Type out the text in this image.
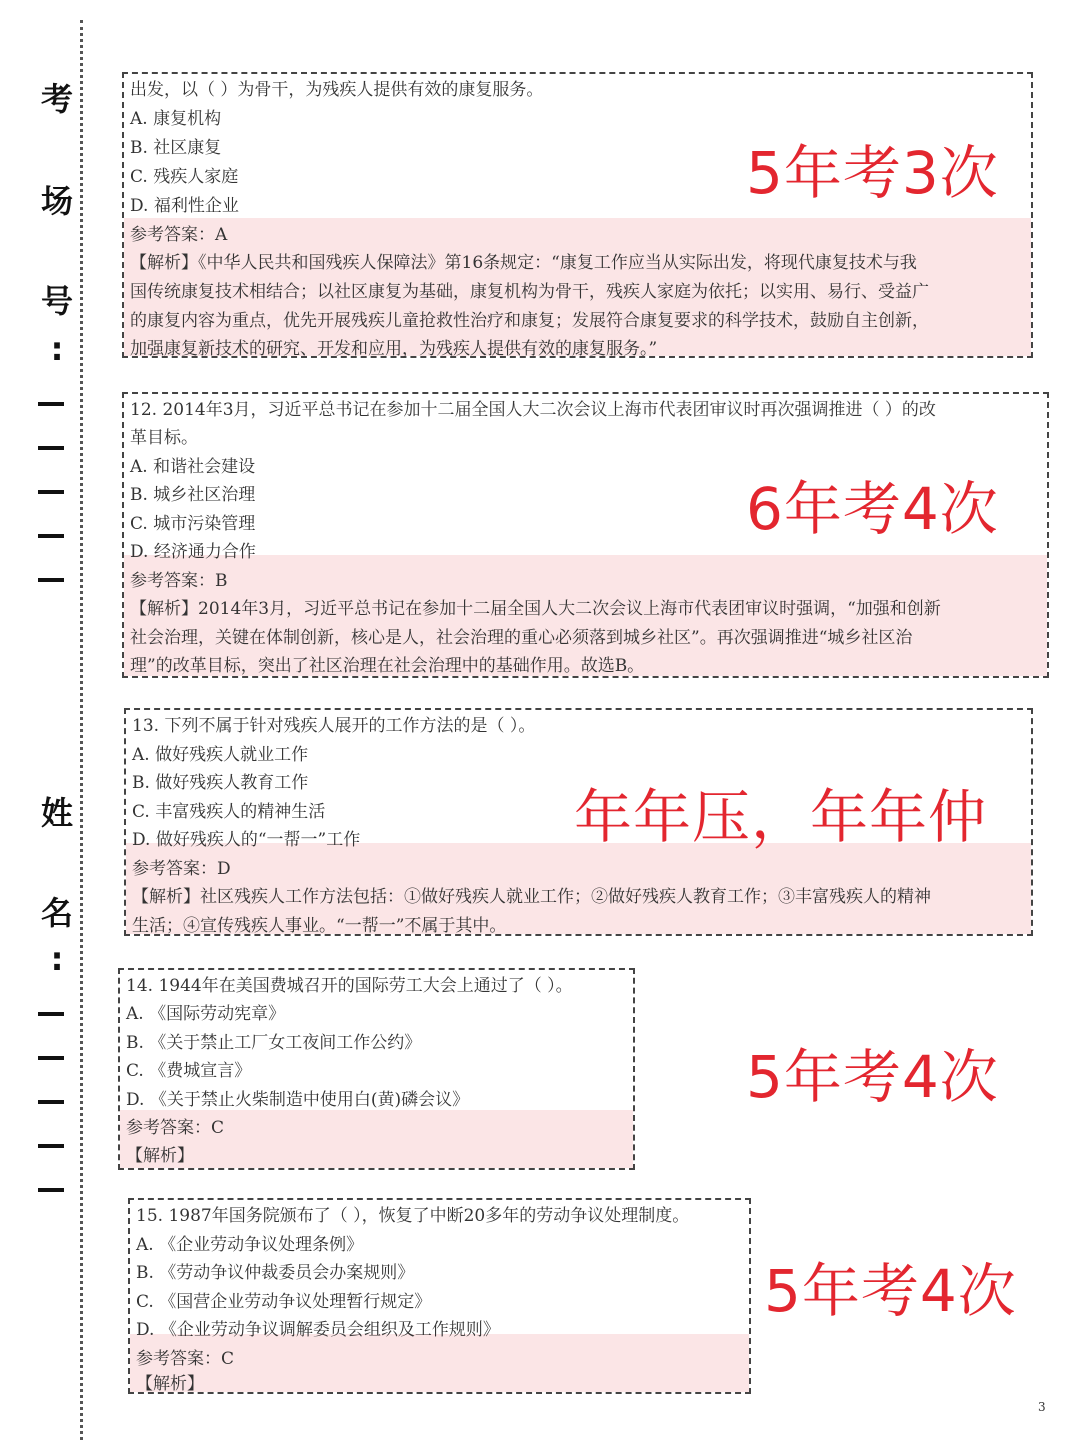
考
场
号
:
姓
名
:
出发，以（ ）为骨干，为残疾人提供有效的康复服务。
A. 康复机构
B. 社区康复
C. 残疾人家庭
D. 福利性企业
参考答案：A
【解析】《中华人民共和国残疾人保障法》第16条规定：“康复工作应当从实际出发，将现代康复技术与我
国传统康复技术相结合；以社区康复为基础，康复机构为骨干，残疾人家庭为依托；以实用、易行、受益广
的康复内容为重点，优先开展残疾儿童抢救性治疗和康复；发展符合康复要求的科学技术，鼓励自主创新，
加强康复新技术的研究、开发和应用，为残疾人提供有效的康复服务。”
5年考3次
12. 2014年3月，习近平总书记在参加十二届全国人大二次会议上海市代表团审议时再次强调推进（ ）的改
革目标。
A. 和谐社会建设
B. 城乡社区治理
C. 城市污染管理
D. 经济通力合作
参考答案：B
【解析】2014年3月，习近平总书记在参加十二届全国人大二次会议上海市代表团审议时强调，“加强和创新
社会治理，关键在体制创新，核心是人，社会治理的重心必须落到城乡社区”。再次强调推进“城乡社区治
理”的改革目标，突出了社区治理在社会治理中的基础作用。故选B。
6年考4次
13. 下列不属于针对残疾人展开的工作方法的是（ ）。
A. 做好残疾人就业工作
B. 做好残疾人教育工作
C. 丰富残疾人的精神生活
D. 做好残疾人的“一帮一”工作
参考答案：D
【解析】社区残疾人工作方法包括：①做好残疾人就业工作；②做好残疾人教育工作；③丰富残疾人的精神
生活；④宣传残疾人事业。“一帮一”不属于其中。
年年压，年年仲
14. 1944年在美国费城召开的国际劳工大会上通过了（ ）。
A. 《国际劳动宪章》
B. 《关于禁止工厂女工夜间工作公约》
C. 《费城宣言》
D. 《关于禁止火柴制造中使用白(黄)磷会议》
参考答案：C
【解析】
5年考4次
15. 1987年国务院颁布了（ ），恢复了中断20多年的劳动争议处理制度。
A. 《企业劳动争议处理条例》
B. 《劳动争议仲裁委员会办案规则》
C. 《国营企业劳动争议处理暂行规定》
D. 《企业劳动争议调解委员会组织及工作规则》
参考答案：C
【解析】
5年考4次
3
